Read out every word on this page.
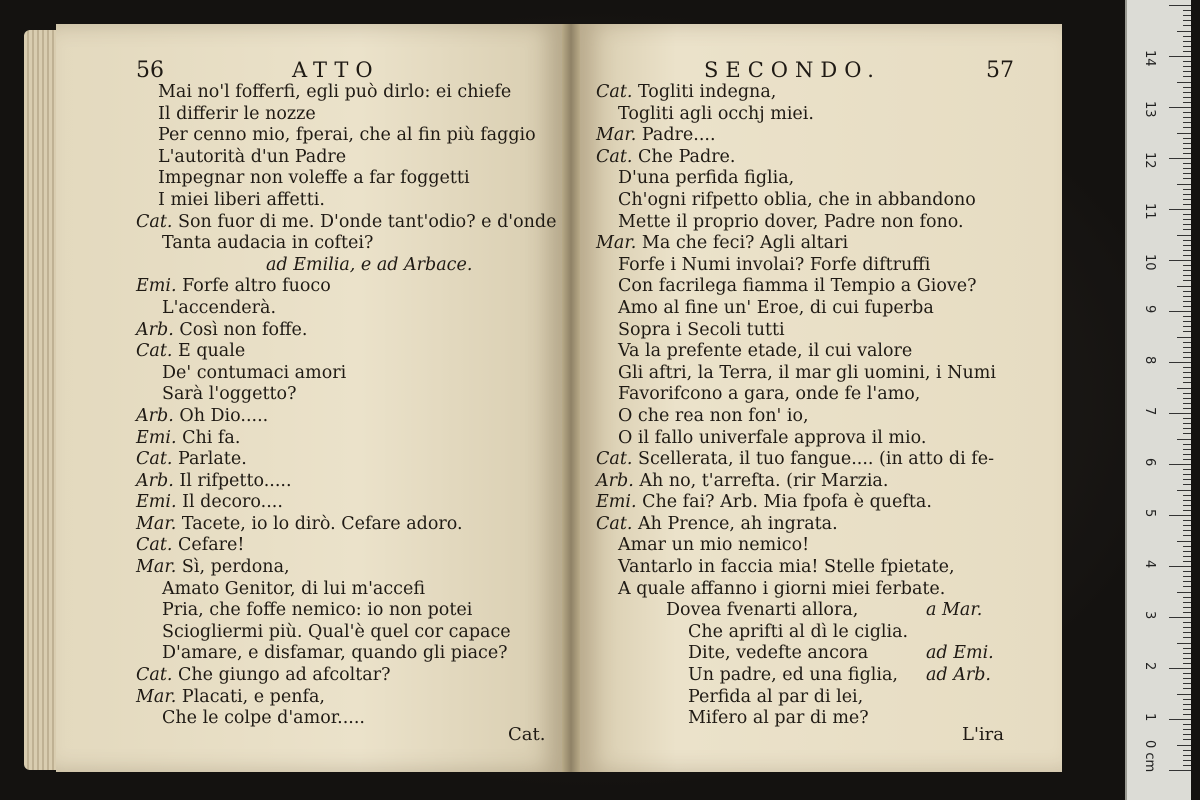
56	ATTO
Mai no'l fofferfi, egli può dirlo: ei chiefe
Il differir le nozze
Per cenno mio, fperai, che al fin più faggio
L'autorità d'un Padre
Impegnar non voleffe a far foggetti
I miei liberi affetti.
Cat. Son fuor di me. D'onde tant'odio? e d'onde
Tanta audacia in coftei?
ad Emilia, e ad Arbace.
Emi. Forfe altro fuoco
L'accenderà.
Arb. Così non foffe.
Cat. E quale
De' contumaci amori
Sarà l'oggetto?
Arb. Oh Dio.....
Emi. Chi fa.
Cat. Parlate.
Arb. Il rifpetto.....
Emi. Il decoro....
Mar. Tacete, io lo dirò. Cefare adoro.
Cat. Cefare!
Mar. Sì, perdona,
Amato Genitor, di lui m'accefi
Pria, che foffe nemico: io non potei
Sciogliermi più. Qual'è quel cor capace
D'amare, e disfamar, quando gli piace?
Cat. Che giungo ad afcoltar?
Mar. Placati, e penfa,
Che le colpe d'amor.....
Cat.
SECONDO.	57
Cat. Togliti indegna,
Togliti agli occhj miei.
Mar. Padre....
Cat. Che Padre.
D'una perfida figlia,
Ch'ogni rifpetto oblia, che in abbandono
Mette il proprio dover, Padre non fono.
Mar. Ma che feci? Agli altari
Forfe i Numi involai? Forfe diftruffi
Con facrilega fiamma il Tempio a Giove?
Amo al fine un' Eroe, di cui fuperba
Sopra i Secoli tutti
Va la prefente etade, il cui valore
Gli aftri, la Terra, il mar gli uomini, i Numi
Favorifcono a gara, onde fe l'amo,
O che rea non fon' io,
O il fallo univerfale approva il mio.
Cat. Scellerata, il tuo fangue.... (in atto di fe-
Arb. Ah no, t'arrefta. (rir Marzia.
Emi. Che fai? Arb. Mia fpofa è quefta.
Cat. Ah Prence, ah ingrata.
Amar un mio nemico!
Vantarlo in faccia mia! Stelle fpietate,
A quale affanno i giorni miei ferbate.
Dovea fvenarti allora,	a Mar.
Che aprifti al dì le ciglia.
Dite, vedefte ancora	ad Emi.
Un padre, ed una figlia, ad Arb.
Perfida al par di lei,
Mifero al par di me?
L'ira
0 cm
1
2
3
4
5
6
7
8
9
10
11
12
13
14
